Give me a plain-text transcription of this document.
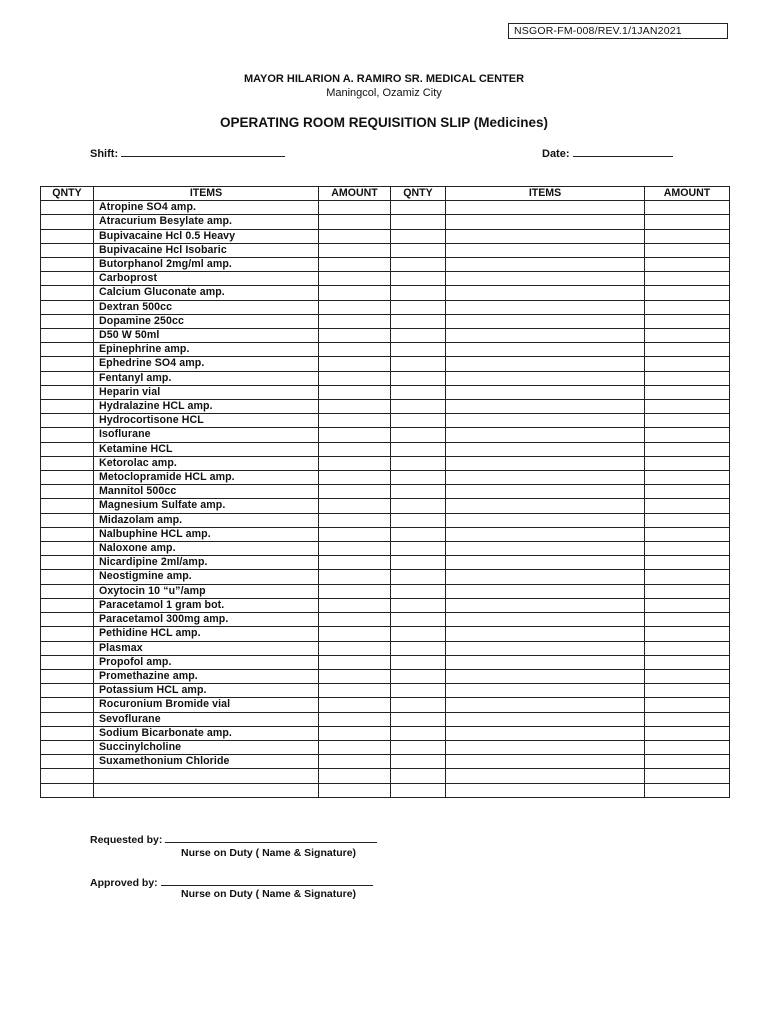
NSGOR-FM-008/REV.1/1JAN2021
MAYOR HILARION A. RAMIRO SR. MEDICAL CENTER
Maningcol, Ozamiz City
OPERATING ROOM REQUISITION SLIP (Medicines)
Shift:	Date:
QNTY	ITEMS	AMOUNT	QNTY	ITEMS	AMOUNT
	Atropine SO4 amp.				
	Atracurium Besylate amp.				
	Bupivacaine Hcl 0.5 Heavy				
	Bupivacaine Hcl Isobaric				
	Butorphanol 2mg/ml amp.				
	Carboprost				
	Calcium Gluconate amp.				
	Dextran 500cc				
	Dopamine 250cc				
	D50 W 50ml				
	Epinephrine amp.				
	Ephedrine SO4 amp.				
	Fentanyl amp.				
	Heparin vial				
	Hydralazine HCL amp.				
	Hydrocortisone HCL				
	Isoflurane				
	Ketamine HCL				
	Ketorolac amp.				
	Metoclopramide HCL amp.				
	Mannitol 500cc				
	Magnesium Sulfate amp.				
	Midazolam amp.				
	Nalbuphine HCL amp.				
	Naloxone amp.				
	Nicardipine 2ml/amp.				
	Neostigmine amp.				
	Oxytocin 10 “u”/amp				
	Paracetamol 1 gram bot.				
	Paracetamol 300mg amp.				
	Pethidine HCL amp.				
	Plasmax				
	Propofol amp.				
	Promethazine amp.				
	Potassium HCL amp.				
	Rocuronium Bromide vial				
	Sevoflurane				
	Sodium Bicarbonate amp.				
	Succinylcholine				
	Suxamethonium Chloride				

Requested by:
Nurse on Duty ( Name & Signature)
Approved by:
Nurse on Duty ( Name & Signature)
